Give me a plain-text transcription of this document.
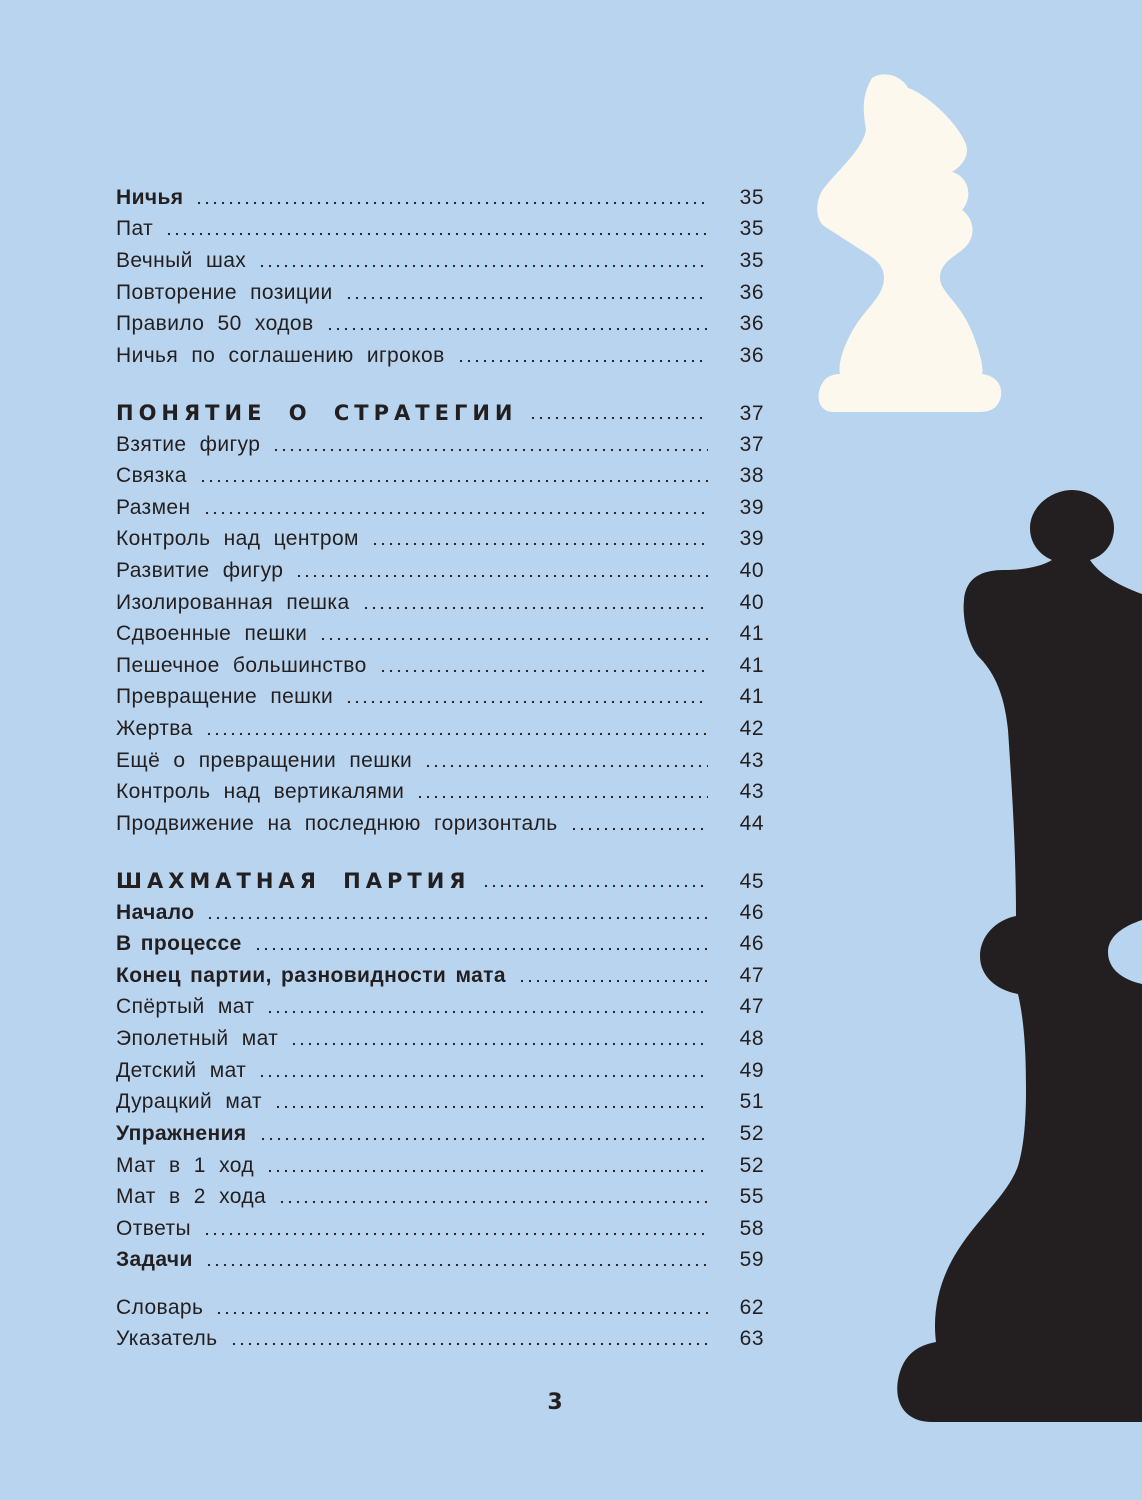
Ничья	35
Пат	35
Вечный шах	35
Повторение позиции	36
Правило 50 ходов	36
Ничья по соглашению игроков	36
ПОНЯТИЕ О СТРАТЕГИИ	37
Взятие фигур	37
Связка	38
Размен	39
Контроль над центром	39
Развитие фигур	40
Изолированная пешка	40
Сдвоенные пешки	41
Пешечное большинство	41
Превращение пешки	41
Жертва	42
Ещё о превращении пешки	43
Контроль над вертикалями	43
Продвижение на последнюю горизонталь	44
ШАХМАТНАЯ ПАРТИЯ	45
Начало	46
В процессе	46
Конец партии, разновидности мата	47
Спёртый мат	47
Эполетный мат	48
Детский мат	49
Дурацкий мат	51
Упражнения	52
Мат в 1 ход	52
Мат в 2 хода	55
Ответы	58
Задачи	59
Словарь	62
Указатель	63
3
